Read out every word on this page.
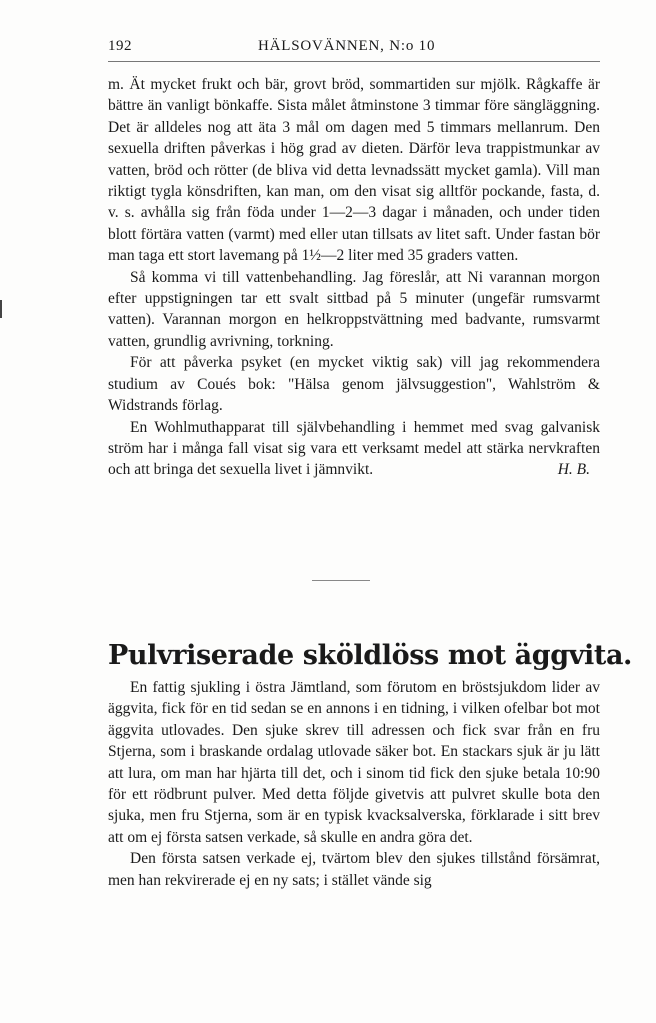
192	HÄLSOVÄNNEN, N:o 10

m. Ät mycket frukt och bär, grovt bröd, sommartiden sur mjölk. Rågkaffe är bättre än vanligt bönkaffe. Sista målet åtminstone 3 timmar före sängläggning. Det är alldeles nog att äta 3 mål om dagen med 5 timmars mellanrum. Den sexuella driften påverkas i hög grad av dieten. Därför leva trappistmunkar av vatten, bröd och rötter (de bliva vid detta levnadssätt mycket gamla). Vill man riktigt tygla könsdriften, kan man, om den visat sig alltför pockande, fasta, d. v. s. avhålla sig från föda under 1—2—3 dagar i månaden, och under tiden blott förtära vatten (varmt) med eller utan tillsats av litet saft. Under fastan bör man taga ett stort lavemang på 1½—2 liter med 35 graders vatten.

Så komma vi till vattenbehandling. Jag föreslår, att Ni varannan morgon efter uppstigningen tar ett svalt sittbad på 5 minuter (ungefär rumsvarmt vatten). Varannan morgon en helkroppstvättning med badvante, rumsvarmt vatten, grundlig avrivning, torkning.

För att påverka psyket (en mycket viktig sak) vill jag rekommendera studium av Coués bok: "Hälsa genom jälvsuggestion", Wahlström & Widstrands förlag.

En Wohlmuthapparat till självbehandling i hemmet med svag galvanisk ström har i många fall visat sig vara ett verksamt medel att stärka nervkraften och att bringa det sexuella livet i jämnvikt.	H. B.
Pulvriserade sköldlöss mot äggvita.

En fattig sjukling i östra Jämtland, som förutom en bröstsjukdom lider av äggvita, fick för en tid sedan se en annons i en tidning, i vilken ofelbar bot mot äggvita utlovades. Den sjuke skrev till adressen och fick svar från en fru Stjerna, som i braskande ordalag utlovade säker bot. En stackars sjuk är ju lätt att lura, om man har hjärta till det, och i sinom tid fick den sjuke betala 10:90 för ett rödbrunt pulver. Med detta följde givetvis att pulvret skulle bota den sjuka, men fru Stjerna, som är en typisk kvacksalverska, förklarade i sitt brev att om ej första satsen verkade, så skulle en andra göra det.

Den första satsen verkade ej, tvärtom blev den sjukes tillstånd försämrat, men han rekvirerade ej en ny sats; i stället vände sig
